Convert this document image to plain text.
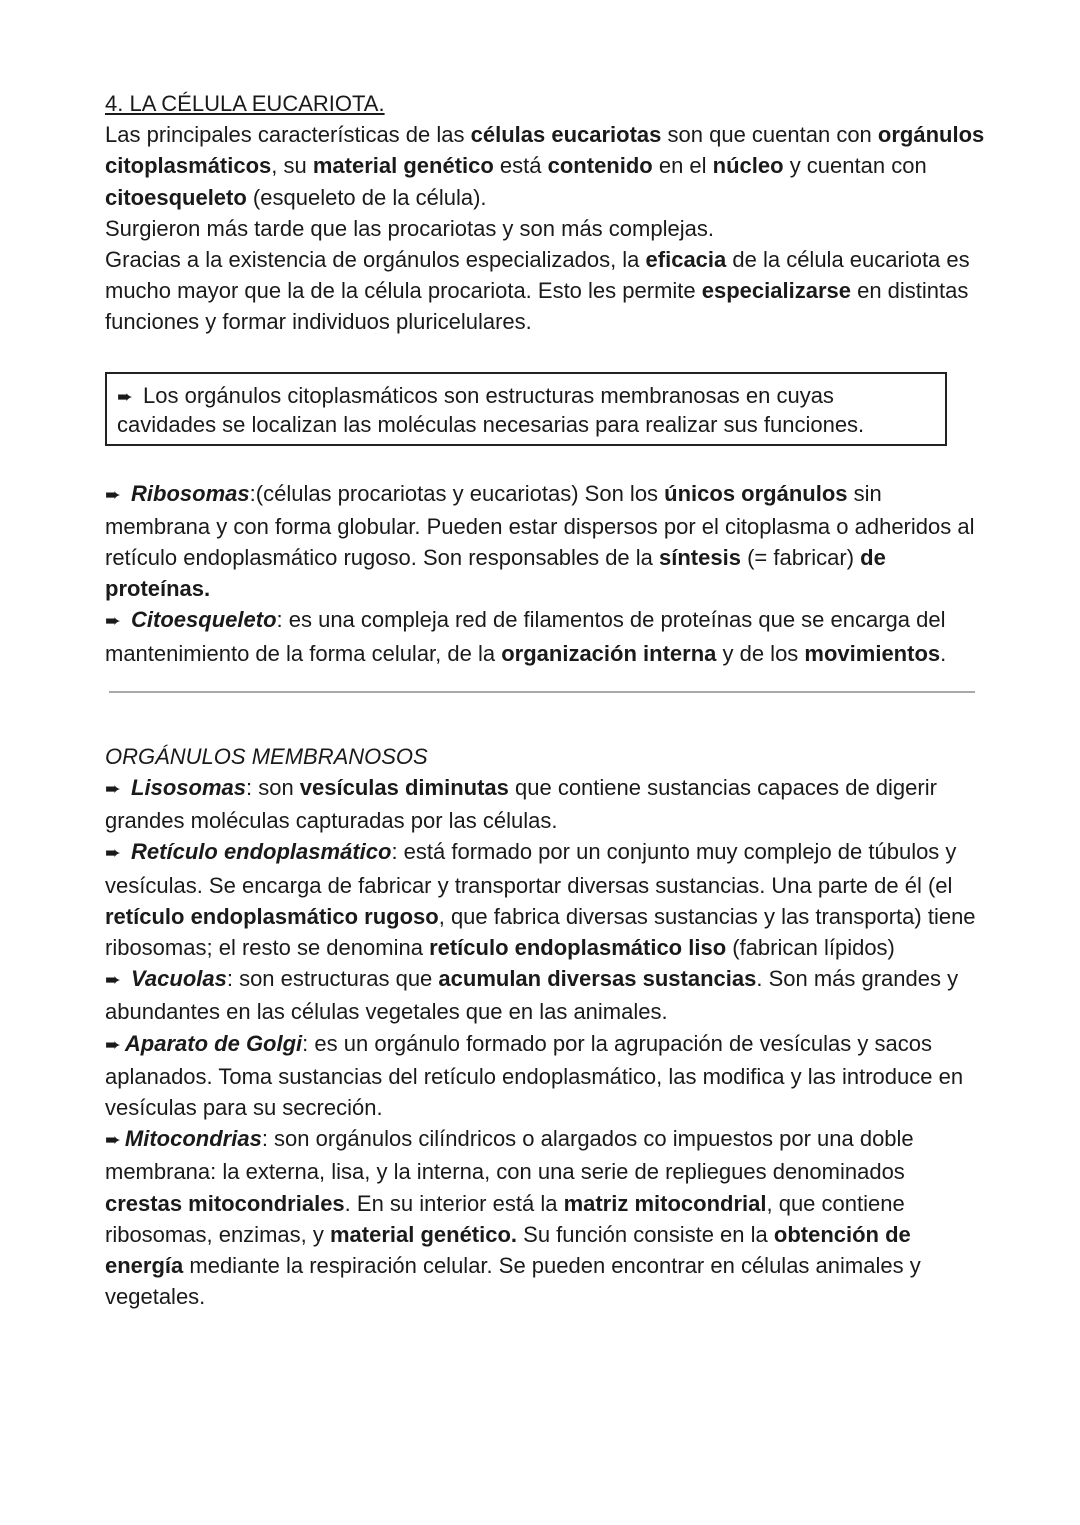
4. LA CÉLULA EUCARIOTA.

Las principales características de las células eucariotas son que cuentan con orgánulos citoplasmáticos, su material genético está contenido en el núcleo y cuentan con citoesqueleto (esqueleto de la célula).

Surgieron más tarde que las procariotas y son más complejas.

Gracias a la existencia de orgánulos especializados, la eficacia de la célula eucariota es mucho mayor que la de la célula procariota. Esto les permite especializarse en distintas funciones y formar individuos pluricelulares.

➨ Los orgánulos citoplasmáticos son estructuras membranosas en cuyas cavidades se localizan las moléculas necesarias para realizar sus funciones.

➨ Ribosomas:(células procariotas y eucariotas) Son los únicos orgánulos sin membrana y con forma globular. Pueden estar dispersos por el citoplasma o adheridos al retículo endoplasmático rugoso. Son responsables de la síntesis (= fabricar) de proteínas.

➨ Citoesqueleto: es una compleja red de filamentos de proteínas que se encarga del mantenimiento de la forma celular, de la organización interna y de los movimientos.

ORGÁNULOS MEMBRANOSOS

➨ Lisosomas: son vesículas diminutas que contiene sustancias capaces de digerir grandes moléculas capturadas por las células.

➨ Retículo endoplasmático: está formado por un conjunto muy complejo de túbulos y vesículas. Se encarga de fabricar y transportar diversas sustancias. Una parte de él (el retículo endoplasmático rugoso, que fabrica diversas sustancias y las transporta) tiene ribosomas; el resto se denomina retículo endoplasmático liso (fabrican lípidos)

➨ Vacuolas: son estructuras que acumulan diversas sustancias. Son más grandes y abundantes en las células vegetales que en las animales.

➨ Aparato de Golgi: es un orgánulo formado por la agrupación de vesículas y sacos aplanados. Toma sustancias del retículo endoplasmático, las modifica y las introduce en vesículas para su secreción.

➨ Mitocondrias: son orgánulos cilíndricos o alargados co impuestos por una doble membrana: la externa, lisa, y la interna, con una serie de repliegues denominados crestas mitocondriales. En su interior está la matriz mitocondrial, que contiene ribosomas, enzimas, y material genético. Su función consiste en la obtención de energía mediante la respiración celular. Se pueden encontrar en células animales y vegetales.
